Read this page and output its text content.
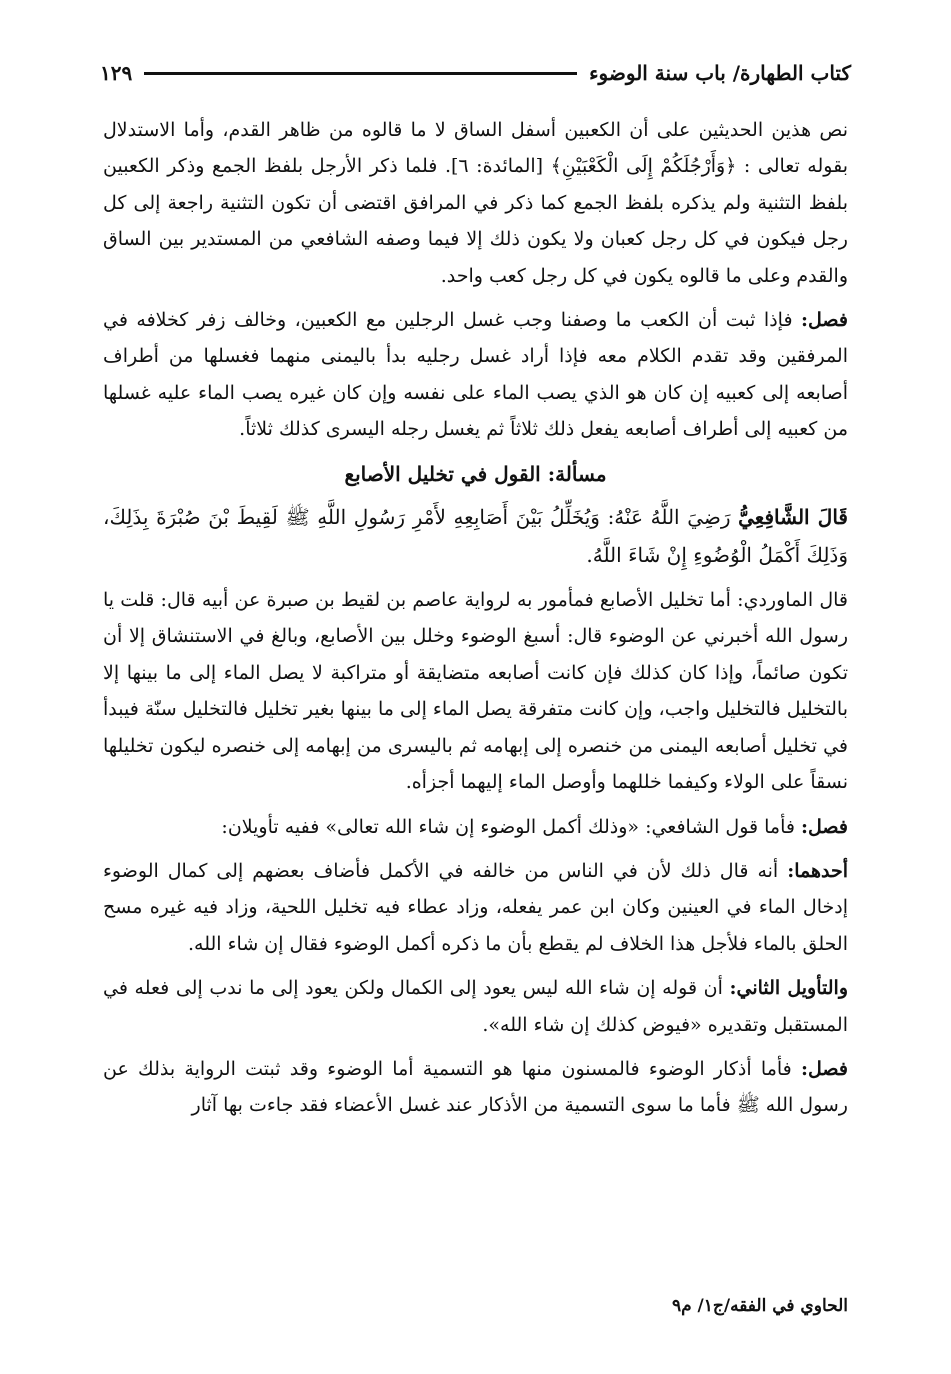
كتاب الطهارة/ باب سنة الوضوء
١٢٩

نص هذين الحديثين على أن الكعبين أسفل الساق لا ما قالوه من ظاهر القدم، وأما الاستدلال بقوله تعالى : ﴿وَأَرْجُلَكُمْ إِلَى الْكَعْبَيْنِ﴾ [المائدة: ٦]. فلما ذكر الأرجل بلفظ الجمع وذكر الكعبين بلفظ التثنية ولم يذكره بلفظ الجمع كما ذكر في المرافق اقتضى أن تكون التثنية راجعة إلى كل رجل فيكون في كل رجل كعبان ولا يكون ذلك إلا فيما وصفه الشافعي من المستدير بين الساق والقدم وعلى ما قالوه يكون في كل رجل كعب واحد.

فصل: فإذا ثبت أن الكعب ما وصفنا وجب غسل الرجلين مع الكعبين، وخالف زفر كخلافه في المرفقين وقد تقدم الكلام معه فإذا أراد غسل رجليه بدأ باليمنى منهما فغسلها من أطراف أصابعه إلى كعبيه إن كان هو الذي يصب الماء على نفسه وإن كان غيره يصب الماء عليه غسلها من كعبيه إلى أطراف أصابعه يفعل ذلك ثلاثاً ثم يغسل رجله اليسرى كذلك ثلاثاً.

مسألة: القول في تخليل الأصابع

قَالَ الشَّافِعِيُّ رَضِيَ اللَّهُ عَنْهُ: وَيُخَلِّلُ بَيْنَ أَصَابِعِهِ لأَمْرِ رَسُولِ اللَّهِ ﷺ لَقِيطَ بْنَ صُبْرَةَ بِذَلِكَ، وَذَلِكَ أَكْمَلُ الْوُضُوءِ إِنْ شَاءَ اللَّهُ.

قال الماوردي: أما تخليل الأصابع فمأمور به لرواية عاصم بن لقيط بن صبرة عن أبيه قال: قلت يا رسول الله أخبرني عن الوضوء قال: أسبغ الوضوء وخلل بين الأصابع، وبالغ في الاستنشاق إلا أن تكون صائماً، وإذا كان كذلك فإن كانت أصابعه متضايقة أو متراكبة لا يصل الماء إلى ما بينها إلا بالتخليل فالتخليل واجب، وإن كانت متفرقة يصل الماء إلى ما بينها بغير تخليل فالتخليل سنّة فيبدأ في تخليل أصابعه اليمنى من خنصره إلى إبهامه ثم باليسرى من إبهامه إلى خنصره ليكون تخليلها نسقاً على الولاء وكيفما خللهما وأوصل الماء إليهما أجزأه.

فصل: فأما قول الشافعي: «وذلك أكمل الوضوء إن شاء الله تعالى» ففيه تأويلان:

أحدهما: أنه قال ذلك لأن في الناس من خالفه في الأكمل فأضاف بعضهم إلى كمال الوضوء إدخال الماء في العينين وكان ابن عمر يفعله، وزاد عطاء فيه تخليل اللحية، وزاد فيه غيره مسح الحلق بالماء فلأجل هذا الخلاف لم يقطع بأن ما ذكره أكمل الوضوء فقال إن شاء الله.

والتأويل الثاني: أن قوله إن شاء الله ليس يعود إلى الكمال ولكن يعود إلى ما ندب إلى فعله في المستقبل وتقديره «فيوض كذلك إن شاء الله».

فصل: فأما أذكار الوضوء فالمسنون منها هو التسمية أما الوضوء وقد ثبتت الرواية بذلك عن رسول الله ﷺ فأما ما سوى التسمية من الأذكار عند غسل الأعضاء فقد جاءت بها آثار

الحاوي في الفقه/ج١/ م٩
